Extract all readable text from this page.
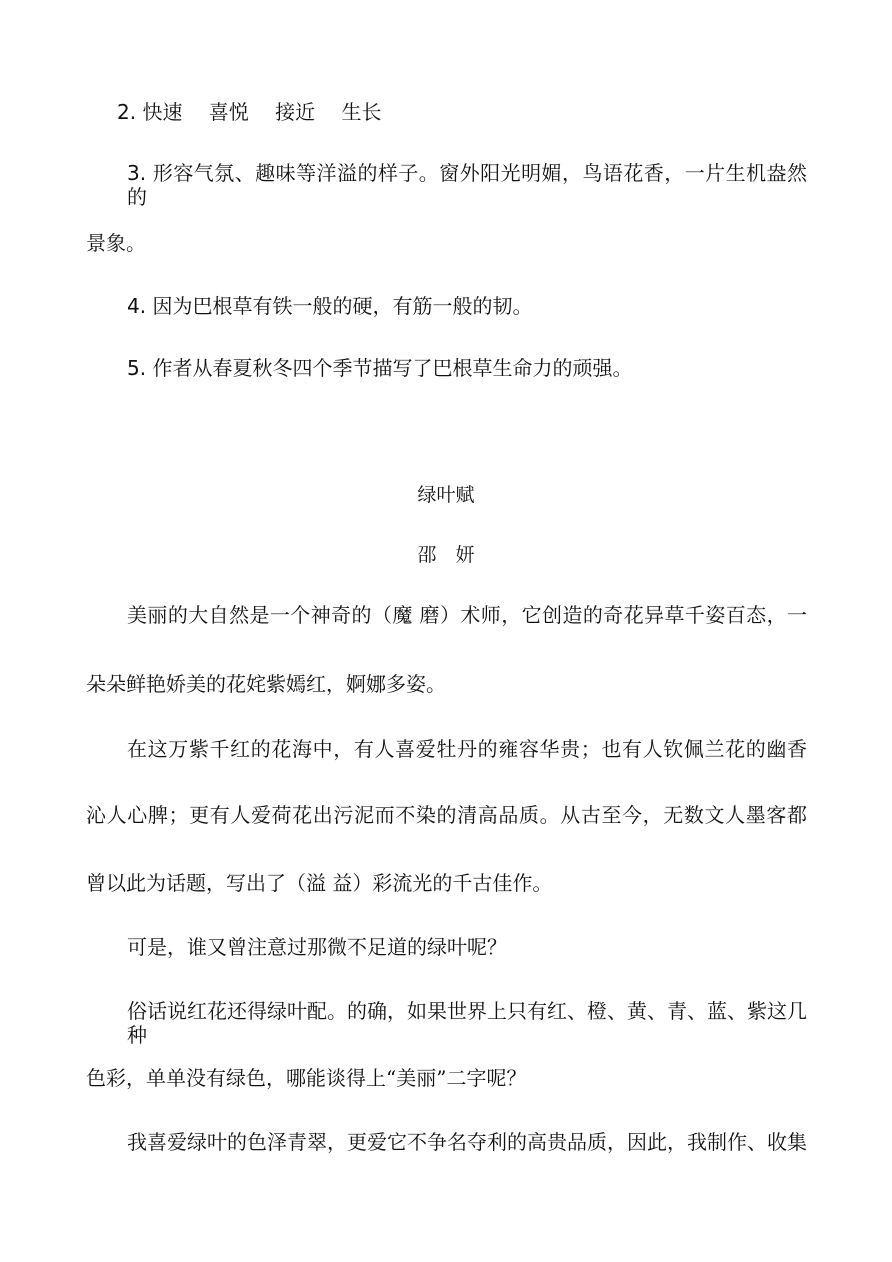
2. 快速　 喜悦　 接近　 生长
3. 形容气氛、趣味等洋溢的样子。窗外阳光明媚，鸟语花香，一片生机盎然的
景象。
4. 因为巴根草有铁一般的硬，有筋一般的韧。
5. 作者从春夏秋冬四个季节描写了巴根草生命力的顽强。
绿叶赋
邵　妍
美丽的大自然是一个神奇的（魔 磨）术师，它创造的奇花异草千姿百态，一
朵朵鲜艳娇美的花姹紫嫣红，婀娜多姿。
在这万紫千红的花海中，有人喜爱牡丹的雍容华贵；也有人钦佩兰花的幽香
沁人心脾；更有人爱荷花出污泥而不染的清高品质。从古至今，无数文人墨客都
曾以此为话题，写出了（溢 益）彩流光的千古佳作。
可是，谁又曾注意过那微不足道的绿叶呢？
俗话说红花还得绿叶配。的确，如果世界上只有红、橙、黄、青、蓝、紫这几种
色彩，单单没有绿色，哪能谈得上“美丽”二字呢？
我喜爱绿叶的色泽青翠，更爱它不争名夺利的高贵品质，因此，我制作、收集
